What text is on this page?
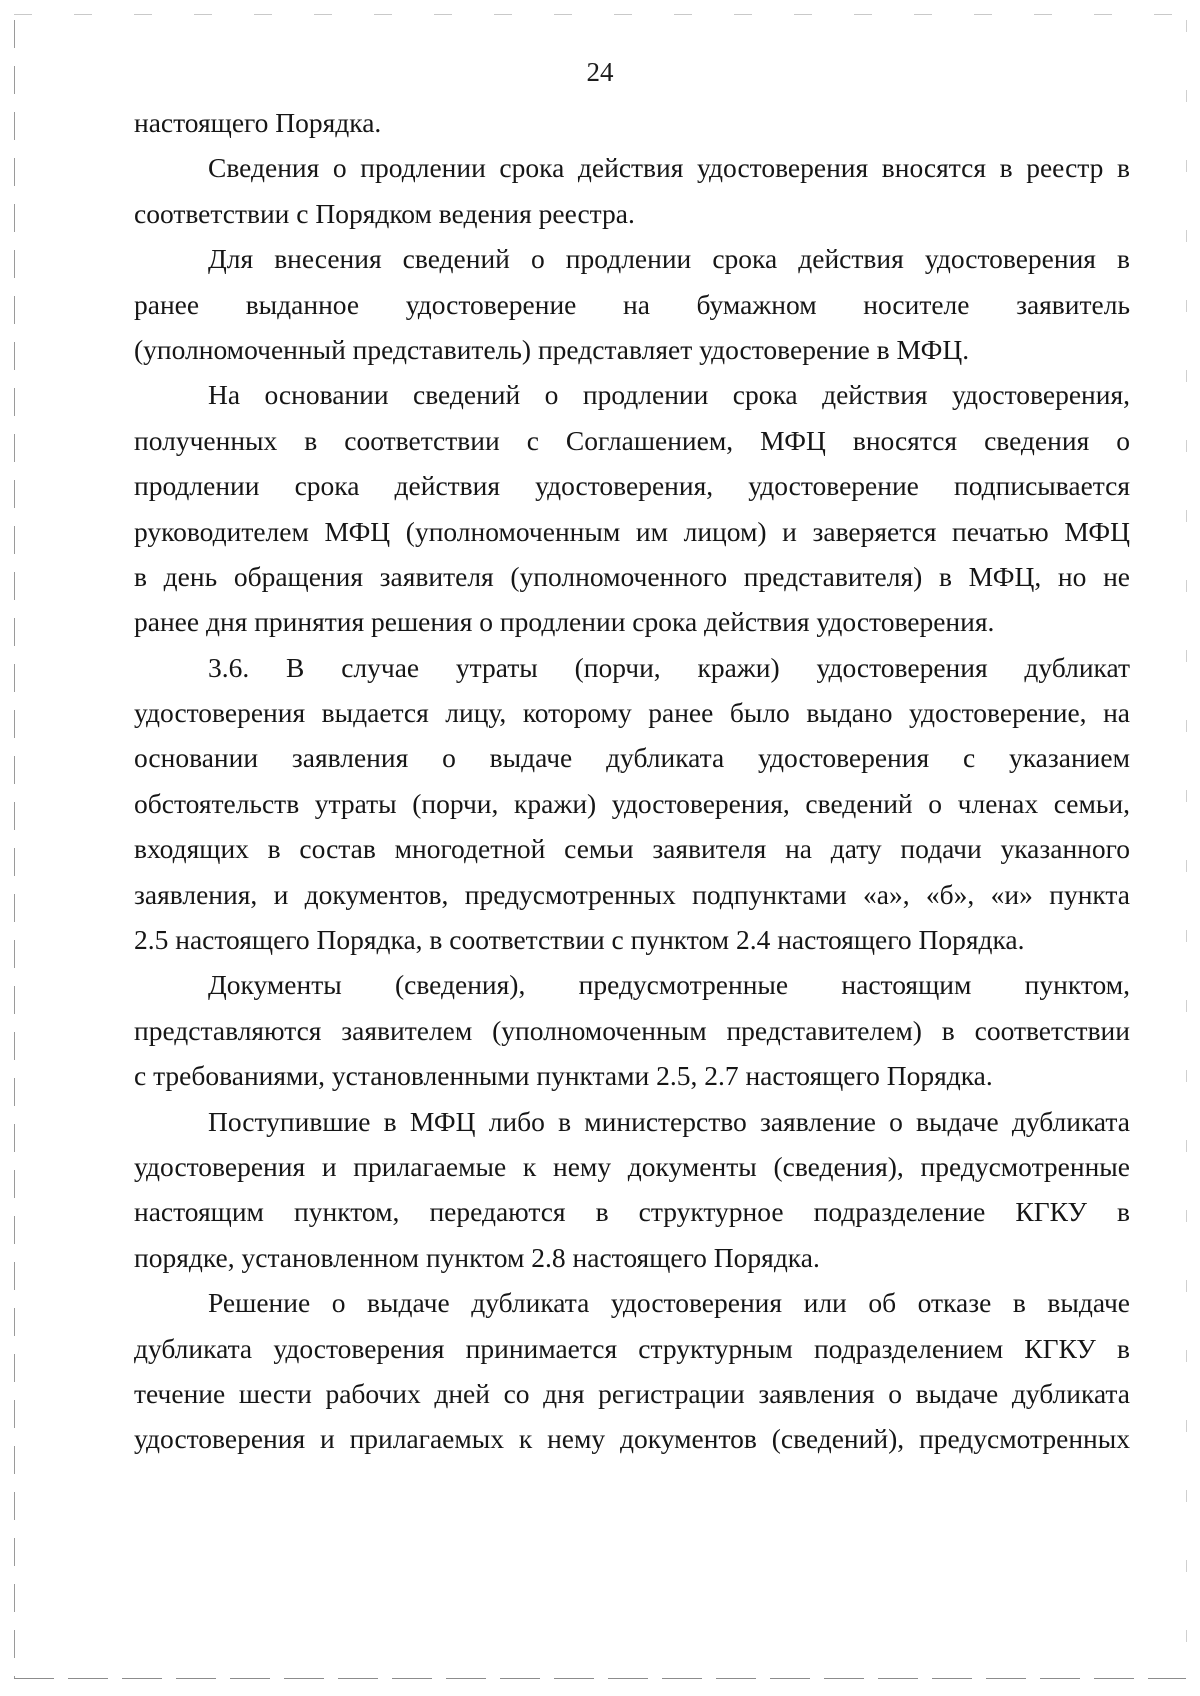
24
настоящего Порядка.
Сведения о продлении срока действия удостоверения вносятся в реестр в
соответствии с Порядком ведения реестра.
Для внесения сведений о продлении срока действия удостоверения в
ранее выданное удостоверение на бумажном носителе заявитель
(уполномоченный представитель) представляет удостоверение в МФЦ.
На основании сведений о продлении срока действия удостоверения,
полученных в соответствии с Соглашением, МФЦ вносятся сведения о
продлении срока действия удостоверения, удостоверение подписывается
руководителем МФЦ (уполномоченным им лицом) и заверяется печатью МФЦ
в день обращения заявителя (уполномоченного представителя) в МФЦ, но не
ранее дня принятия решения о продлении срока действия удостоверения.
3.6. В случае утраты (порчи, кражи) удостоверения дубликат
удостоверения выдается лицу, которому ранее было выдано удостоверение, на
основании заявления о выдаче дубликата удостоверения с указанием
обстоятельств утраты (порчи, кражи) удостоверения, сведений о членах семьи,
входящих в состав многодетной семьи заявителя на дату подачи указанного
заявления, и документов, предусмотренных подпунктами «а», «б», «и» пункта
2.5 настоящего Порядка, в соответствии с пунктом 2.4 настоящего Порядка.
Документы (сведения), предусмотренные настоящим пунктом,
представляются заявителем (уполномоченным представителем) в соответствии
с требованиями, установленными пунктами 2.5, 2.7 настоящего Порядка.
Поступившие в МФЦ либо в министерство заявление о выдаче дубликата
удостоверения и прилагаемые к нему документы (сведения), предусмотренные
настоящим пунктом, передаются в структурное подразделение КГКУ в
порядке, установленном пунктом 2.8 настоящего Порядка.
Решение о выдаче дубликата удостоверения или об отказе в выдаче
дубликата удостоверения принимается структурным подразделением КГКУ в
течение шести рабочих дней со дня регистрации заявления о выдаче дубликата
удостоверения и прилагаемых к нему документов (сведений), предусмотренных
